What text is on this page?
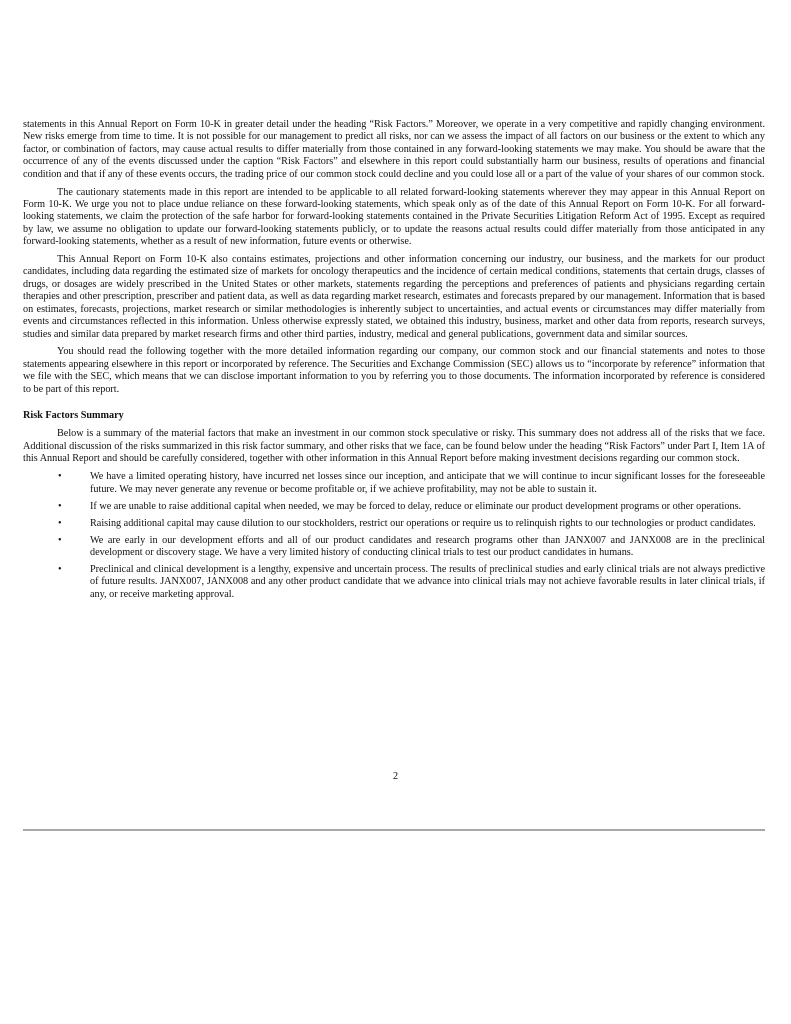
statements in this Annual Report on Form 10-K in greater detail under the heading “Risk Factors.” Moreover, we operate in a very competitive and rapidly changing environment. New risks emerge from time to time. It is not possible for our management to predict all risks, nor can we assess the impact of all factors on our business or the extent to which any factor, or combination of factors, may cause actual results to differ materially from those contained in any forward-looking statements we may make. You should be aware that the occurrence of any of the events discussed under the caption “Risk Factors” and elsewhere in this report could substantially harm our business, results of operations and financial condition and that if any of these events occurs, the trading price of our common stock could decline and you could lose all or a part of the value of your shares of our common stock.

The cautionary statements made in this report are intended to be applicable to all related forward-looking statements wherever they may appear in this Annual Report on Form 10-K. We urge you not to place undue reliance on these forward-looking statements, which speak only as of the date of this Annual Report on Form 10-K. For all forward-looking statements, we claim the protection of the safe harbor for forward-looking statements contained in the Private Securities Litigation Reform Act of 1995. Except as required by law, we assume no obligation to update our forward-looking statements publicly, or to update the reasons actual results could differ materially from those anticipated in any forward-looking statements, whether as a result of new information, future events or otherwise.

This Annual Report on Form 10-K also contains estimates, projections and other information concerning our industry, our business, and the markets for our product candidates, including data regarding the estimated size of markets for oncology therapeutics and the incidence of certain medical conditions, statements that certain drugs, classes of drugs, or dosages are widely prescribed in the United States or other markets, statements regarding the perceptions and preferences of patients and physicians regarding certain therapies and other prescription, prescriber and patient data, as well as data regarding market research, estimates and forecasts prepared by our management. Information that is based on estimates, forecasts, projections, market research or similar methodologies is inherently subject to uncertainties, and actual events or circumstances may differ materially from events and circumstances reflected in this information. Unless otherwise expressly stated, we obtained this industry, business, market and other data from reports, research surveys, studies and similar data prepared by market research firms and other third parties, industry, medical and general publications, government data and similar sources.

You should read the following together with the more detailed information regarding our company, our common stock and our financial statements and notes to those statements appearing elsewhere in this report or incorporated by reference. The Securities and Exchange Commission (SEC) allows us to “incorporate by reference” information that we file with the SEC, which means that we can disclose important information to you by referring you to those documents. The information incorporated by reference is considered to be part of this report.

Risk Factors Summary

Below is a summary of the material factors that make an investment in our common stock speculative or risky. This summary does not address all of the risks that we face. Additional discussion of the risks summarized in this risk factor summary, and other risks that we face, can be found below under the heading “Risk Factors” under Part I, Item 1A of this Annual Report and should be carefully considered, together with other information in this Annual Report before making investment decisions regarding our common stock.

•	We have a limited operating history, have incurred net losses since our inception, and anticipate that we will continue to incur significant losses for the foreseeable future. We may never generate any revenue or become profitable or, if we achieve profitability, may not be able to sustain it.
•	If we are unable to raise additional capital when needed, we may be forced to delay, reduce or eliminate our product development programs or other operations.
•	Raising additional capital may cause dilution to our stockholders, restrict our operations or require us to relinquish rights to our technologies or product candidates.
•	We are early in our development efforts and all of our product candidates and research programs other than JANX007 and JANX008 are in the preclinical development or discovery stage. We have a very limited history of conducting clinical trials to test our product candidates in humans.
•	Preclinical and clinical development is a lengthy, expensive and uncertain process. The results of preclinical studies and early clinical trials are not always predictive of future results. JANX007, JANX008 and any other product candidate that we advance into clinical trials may not achieve favorable results in later clinical trials, if any, or receive marketing approval.
2
